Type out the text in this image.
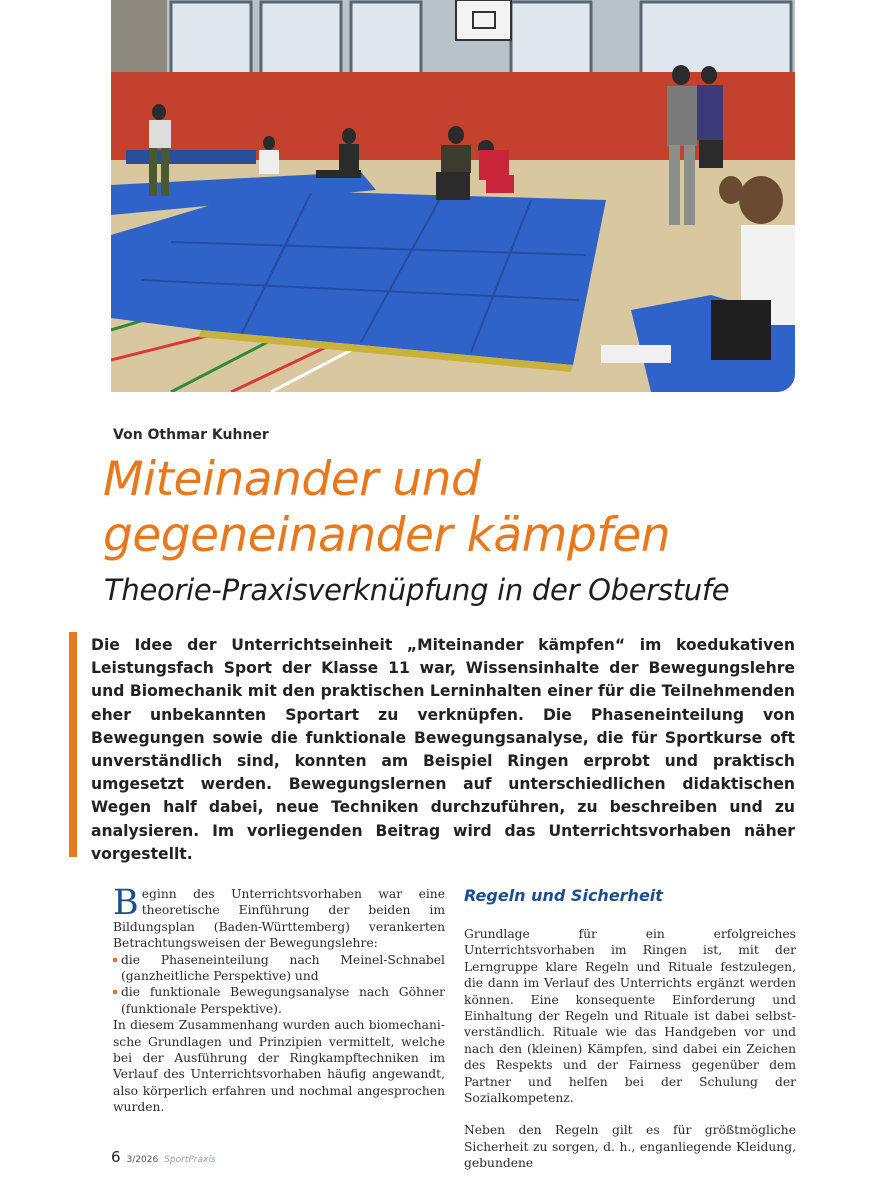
Von Othmar Kuhner
Miteinander und
gegeneinander kämpfen
Theorie-Praxisverknüpfung in der Oberstufe

Die Idee der Unterrichtseinheit „Miteinander kämpfen“ im koedukativen Leistungsfach Sport der Klasse 11 war, Wissensinhalte der Bewegungslehre und Biomechanik mit den praktischen Lerninhalten einer für die Teilnehmenden eher unbekannten Sportart zu verknüpfen. Die Phaseneinteilung von Bewegungen sowie die funktionale Bewegungsanalyse, die für Sportkurse oft unverständlich sind, konnten am Beispiel Ringen erprobt und praktisch umgesetzt werden. Bewegungslernen auf unterschiedlichen didaktischen Wegen half dabei, neue Techniken durchzuführen, zu beschreiben und zu analysieren. Im vorliegenden Beitrag wird das Unterrichtsvorhaben näher vorgestellt.

Beginn des Unterrichtsvorhaben war eine theoretische Einführung der beiden im Bildungsplan (Baden-Württemberg) verankerten Betrachtungsweisen der Bewegungslehre:

die Phaseneinteilung nach Meinel-Schnabel (ganzheitliche Perspektive) und
die funktionale Bewegungsanalyse nach Göhner (funktionale Perspektive).

In diesem Zusammenhang wurden auch biomechanische Grundlagen und Prinzipien vermittelt, welche bei der Ausführung der Ringkampftechniken im Verlauf des Unterrichtsvorhaben häufig angewandt, also körperlich erfahren und nochmal angesprochen wurden.

Regeln und Sicherheit

Grundlage für ein erfolgreiches Unterrichtsvorhaben im Ringen ist, mit der Lerngruppe klare Regeln und Rituale festzulegen, die dann im Verlauf des Unterrichts ergänzt werden können. Eine konsequente Einforderung und Einhaltung der Regeln und Rituale ist dabei selbstverständlich. Rituale wie das Handgeben vor und nach den (kleinen) Kämpfen, sind dabei ein Zeichen des Respekts und der Fairness gegenüber dem Partner und helfen bei der Schulung der Sozialkompetenz.

Neben den Regeln gilt es für größtmögliche Sicherheit zu sorgen, d. h., enganliegende Kleidung, gebundene

6 3/2026 SportPraxis
